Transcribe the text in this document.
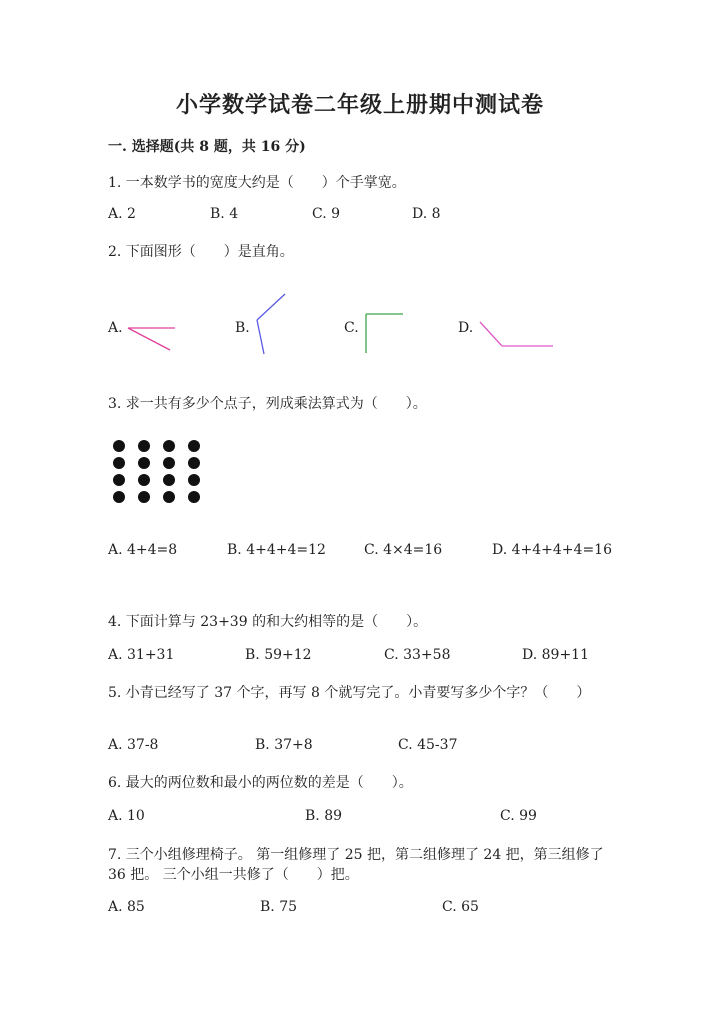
小学数学试卷二年级上册期中测试卷
一. 选择题(共 8 题，共 16 分)
1. 一本数学书的宽度大约是（　　）个手掌宽。
A. 2	B. 4	C. 9	D. 8
2. 下面图形（　　）是直角。
A.	B.	C.	D.
3. 求一共有多少个点子，列成乘法算式为（　　）。
A. 4+4=8	B. 4+4+4=12	C. 4×4=16	D. 4+4+4+4=16
4. 下面计算与 23+39 的和大约相等的是（　　）。
A. 31+31	B. 59+12	C. 33+58	D. 89+11
5. 小青已经写了 37 个字，再写 8 个就写完了。小青要写多少个字？（　　）
A. 37-8	B. 37+8	C. 45-37
6. 最大的两位数和最小的两位数的差是（　　）。
A. 10	B. 89	C. 99
7. 三个小组修理椅子。 第一组修理了 25 把，第二组修理了 24 把，第三组修了
36 把。 三个小组一共修了（　　）把。
A. 85	B. 75	C. 65
